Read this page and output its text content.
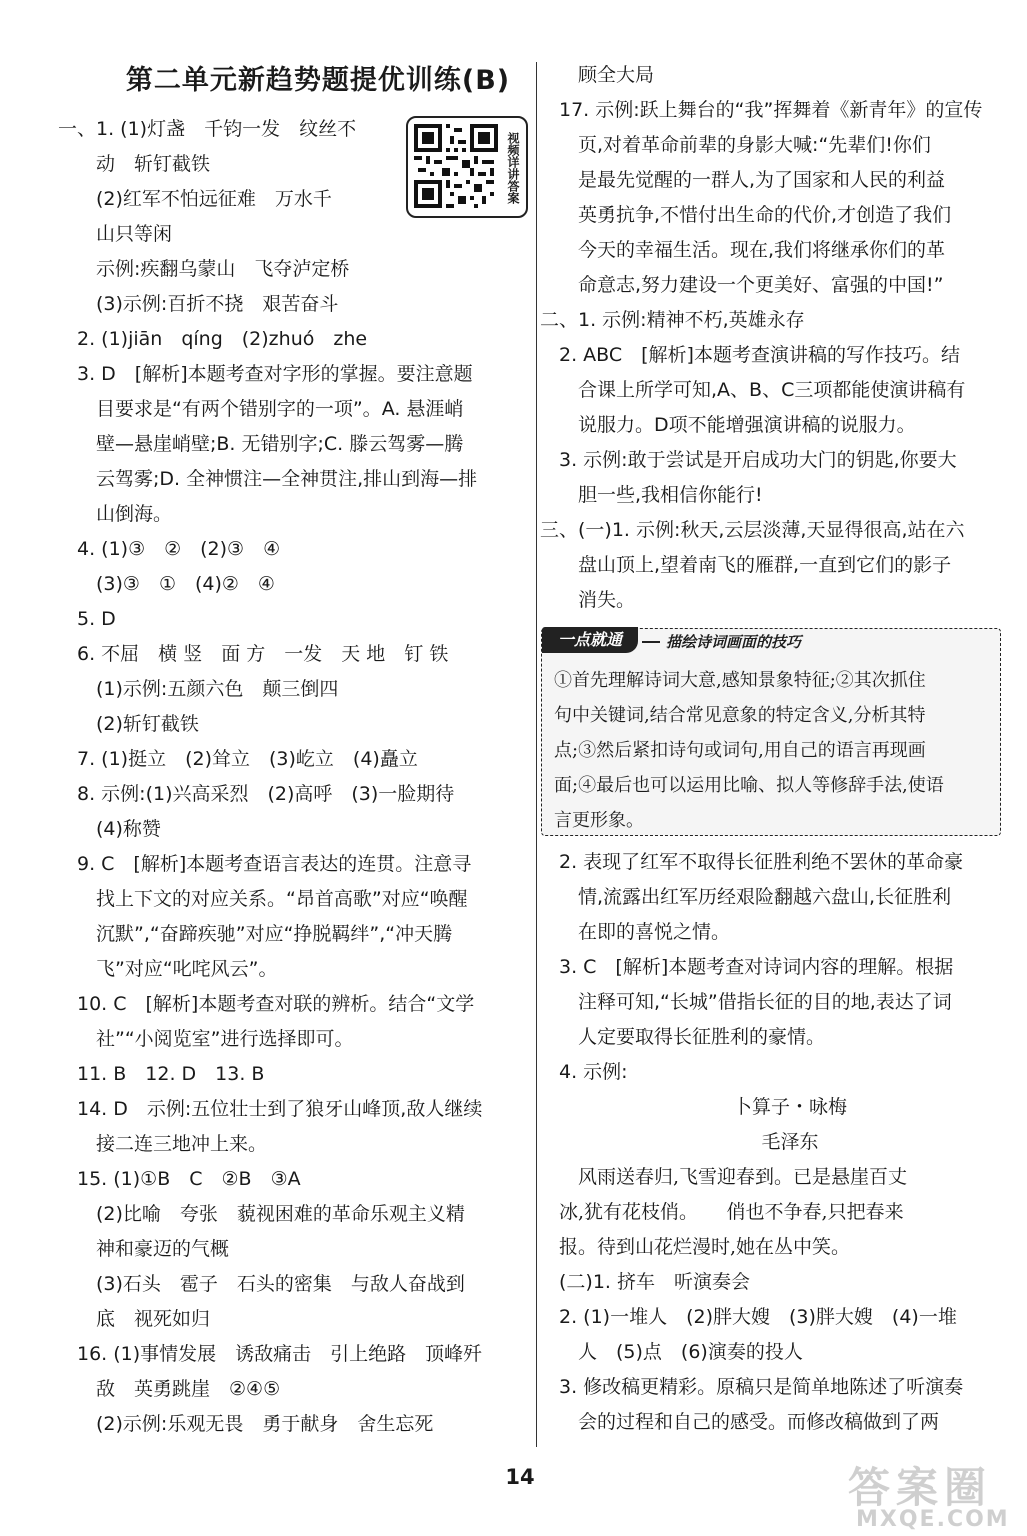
第二单元新趋势题提优训练(B)
视频详讲答案
一、1. (1)灯盏　千钧一发　纹丝不
　　动　斩钉截铁
　　(2)红军不怕远征难　万水千
　　山只等闲
　　示例:疾翻乌蒙山　飞夺泸定桥
　　(3)示例:百折不挠　艰苦奋斗
　2. (1)jiān　qíng　(2)zhuó　zhe
　3. D　[解析]本题考查对字形的掌握。要注意题
　　目要求是“有两个错别字的一项”。A. 悬涯峭
　　壁—悬崖峭壁;B. 无错别字;C. 滕云驾雾—腾
　　云驾雾;D. 全神惯注—全神贯注,排山到海—排
　　山倒海。
　4. (1)③　②　(2)③　④
　　(3)③　①　(4)②　④
　5. D
　6. 不屈　横 竖　面 方　一发　天 地　钉 铁
　　(1)示例:五颜六色　颠三倒四
　　(2)斩钉截铁
　7. (1)挺立　(2)耸立　(3)屹立　(4)矗立
　8. 示例:(1)兴高采烈　(2)高呼　(3)一脸期待
　　(4)称赞
　9. C　[解析]本题考查语言表达的连贯。注意寻
　　找上下文的对应关系。“昂首高歌”对应“唤醒
　　沉默”,“奋蹄疾驰”对应“挣脱羁绊”,“冲天腾
　　飞”对应“叱咤风云”。
　10. C　[解析]本题考查对联的辨析。结合“文学
　　社”“小阅览室”进行选择即可。
　11. B　12. D　13. B
　14. D　示例:五位壮士到了狼牙山峰顶,敌人继续
　　接二连三地冲上来。
　15. (1)①B　C　②B　③A
　　(2)比喻　夸张　藐视困难的革命乐观主义精
　　神和豪迈的气概
　　(3)石头　雹子　石头的密集　与敌人奋战到
　　底　视死如归
　16. (1)事情发展　诱敌痛击　引上绝路　顶峰歼
　　敌　英勇跳崖　②④⑤
　　(2)示例:乐观无畏　勇于献身　舍生忘死
　　顾全大局
　17. 示例:跃上舞台的“我”挥舞着《新青年》的宣传
　　页,对着革命前辈的身影大喊:“先辈们!你们
　　是最先觉醒的一群人,为了国家和人民的利益
　　英勇抗争,不惜付出生命的代价,才创造了我们
　　今天的幸福生活。现在,我们将继承你们的革
　　命意志,努力建设一个更美好、富强的中国!”
二、1. 示例:精神不朽,英雄永存
　2. ABC　[解析]本题考查演讲稿的写作技巧。结
　　合课上所学可知,A、B、C三项都能使演讲稿有
　　说服力。D项不能增强演讲稿的说服力。
　3. 示例:敢于尝试是开启成功大门的钥匙,你要大
　　胆一些,我相信你能行!
三、(一)1. 示例:秋天,云层淡薄,天显得很高,站在六
　　盘山顶上,望着南飞的雁群,一直到它们的影子
　　消失。
一点就通	描绘诗词画面的技巧
①首先理解诗词大意,感知景象特征;②其次抓住
句中关键词,结合常见意象的特定含义,分析其特
点;③然后紧扣诗句或词句,用自己的语言再现画
面;④最后也可以运用比喻、拟人等修辞手法,使语
言更形象。
　2. 表现了红军不取得长征胜利绝不罢休的革命豪
　　情,流露出红军历经艰险翻越六盘山,长征胜利
　　在即的喜悦之情。
　3. C　[解析]本题考查对诗词内容的理解。根据
　　注释可知,“长城”借指长征的目的地,表达了词
　　人定要取得长征胜利的豪情。
　4. 示例:
卜算子・咏梅
毛泽东
　　风雨送春归,飞雪迎春到。已是悬崖百丈
　冰,犹有花枝俏。　　俏也不争春,只把春来
　报。待到山花烂漫时,她在丛中笑。
　(二)1. 挤车　听演奏会
　2. (1)一堆人　(2)胖大嫂　(3)胖大嫂　(4)一堆
　　人　(5)点　(6)演奏的投人
　3. 修改稿更精彩。原稿只是简单地陈述了听演奏
　　会的过程和自己的感受。而修改稿做到了两
14	答案圈
MXQE.COM
